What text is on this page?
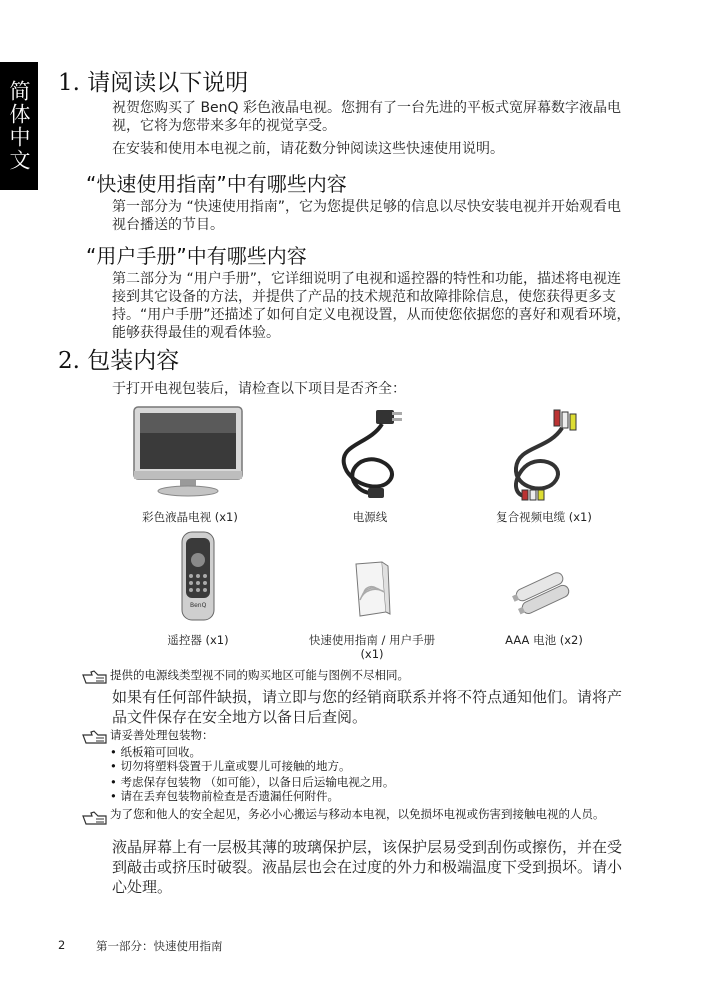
简体中文 1. 请阅读以下说明
祝贺您购买了 BenQ 彩色液晶电视。您拥有了一台先进的平板式宽屏幕数字液晶电视，它将为您带来多年的视觉享受。
在安装和使用本电视之前，请花数分钟阅读这些快速使用说明。
“快速使用指南”中有哪些内容
第一部分为 “快速使用指南”，它为您提供足够的信息以尽快安装电视并开始观看电视台播送的节目。
“用户手册”中有哪些内容
第二部分为 “用户手册”，它详细说明了电视和遥控器的特性和功能，描述将电视连接到其它设备的方法，并提供了产品的技术规范和故障排除信息，使您获得更多支持。“用户手册”还描述了如何自定义电视设置，从而使您依据您的喜好和观看环境，能够获得最佳的观看体验。
2. 包装内容
于打开电视包装后，请检查以下项目是否齐全：
彩色液晶电视 (x1)	电源线	复合视频电缆 (x1)
BenQ
遥控器 (x1)	快速使用指南 / 用户手册 (x1)
AAA 电池 (x2)
提供的电源线类型视不同的购买地区可能与图例不尽相同。
如果有任何部件缺损，请立即与您的经销商联系并将不符点通知他们。请将产品文件保存在安全地方以备日后查阅。
请妥善处理包装物：
• 纸板箱可回收。
• 切勿将塑料袋置于儿童或婴儿可接触的地方。
• 考虑保存包装物 （如可能），以备日后运输电视之用。
• 请在丢弃包装物前检查是否遗漏任何附件。
为了您和他人的安全起见，务必小心搬运与移动本电视，以免损坏电视或伤害到接触电视的人员。
液晶屏幕上有一层极其薄的玻璃保护层，该保护层易受到刮伤或擦伤，并在受到敲击或挤压时破裂。液晶层也会在过度的外力和极端温度下受到损坏。请小心处理。
2	第一部分：快速使用指南
